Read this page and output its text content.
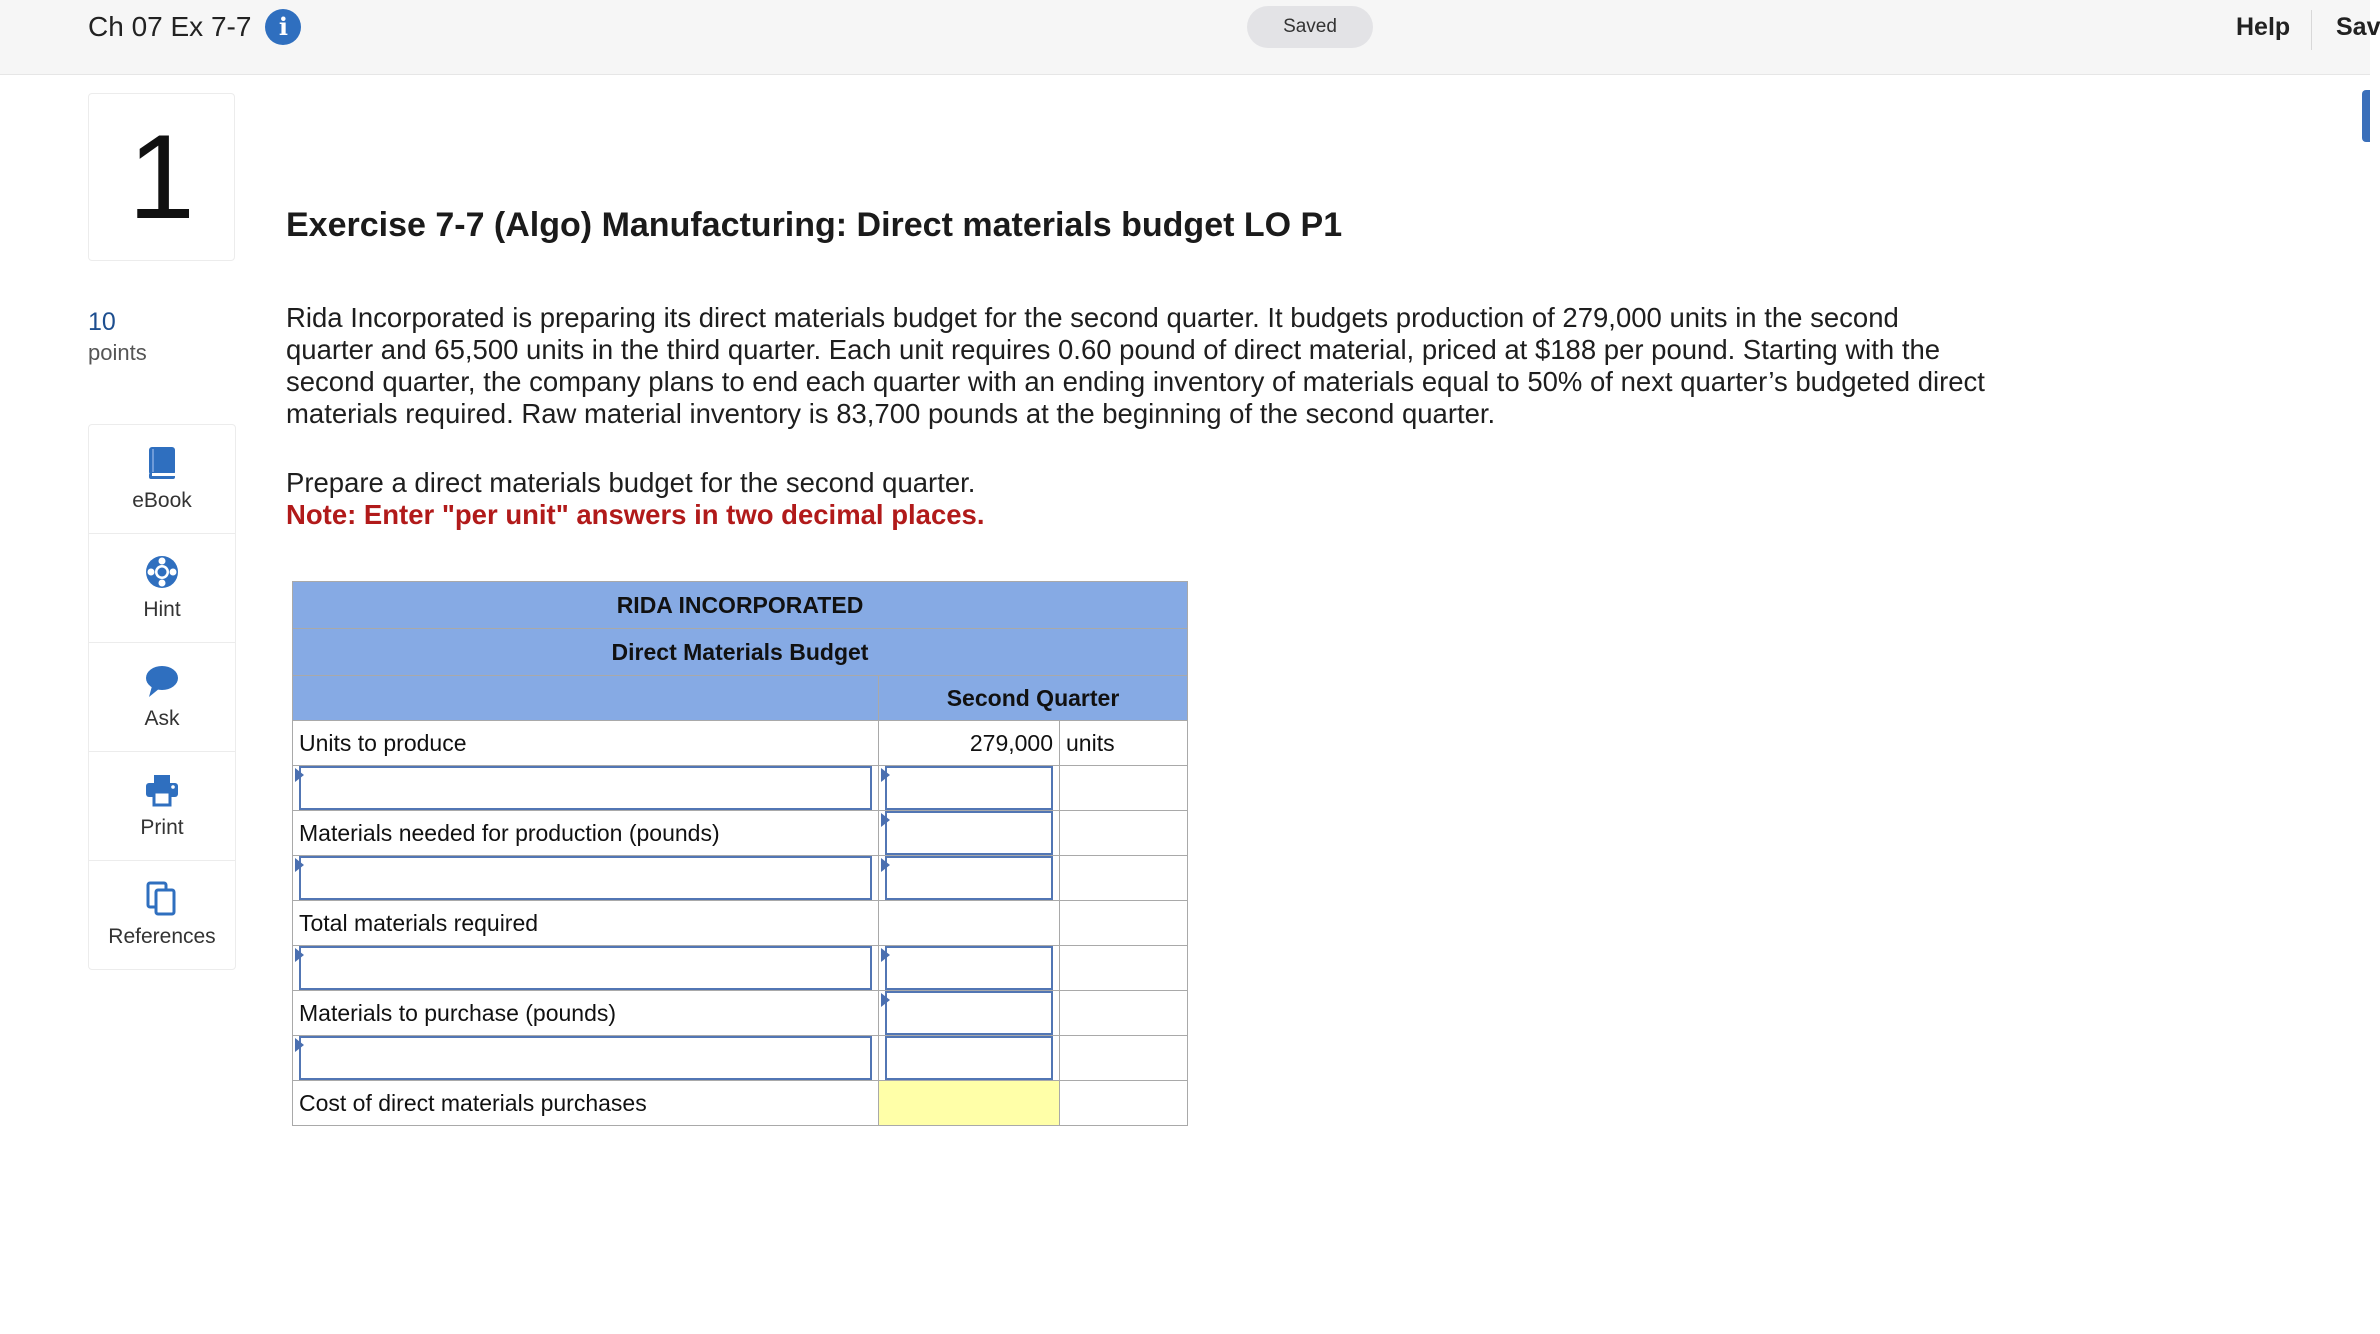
Ch 07 Ex 7-7	i	Saved	Help Sav
1
10
points
eBook
Hint
Ask
Print
References
Exercise 7-7 (Algo) Manufacturing: Direct materials budget LO P1

Rida Incorporated is preparing its direct materials budget for the second quarter. It budgets production of 279,000 units in the second quarter and 65,500 units in the third quarter. Each unit requires 0.60 pound of direct material, priced at $188 per pound. Starting with the second quarter, the company plans to end each quarter with an ending inventory of materials equal to 50% of next quarter’s budgeted direct materials required. Raw material inventory is 83,700 pounds at the beginning of the second quarter.

Prepare a direct materials budget for the second quarter.
Note: Enter "per unit" answers in two decimal places.
RIDA INCORPORATED		
Direct Materials Budget		
	Second Quarter	
Units to produce	279,000	units

Materials needed for production (pounds)	

Total materials required		

Materials to purchase (pounds)	

Cost of direct materials purchases		
